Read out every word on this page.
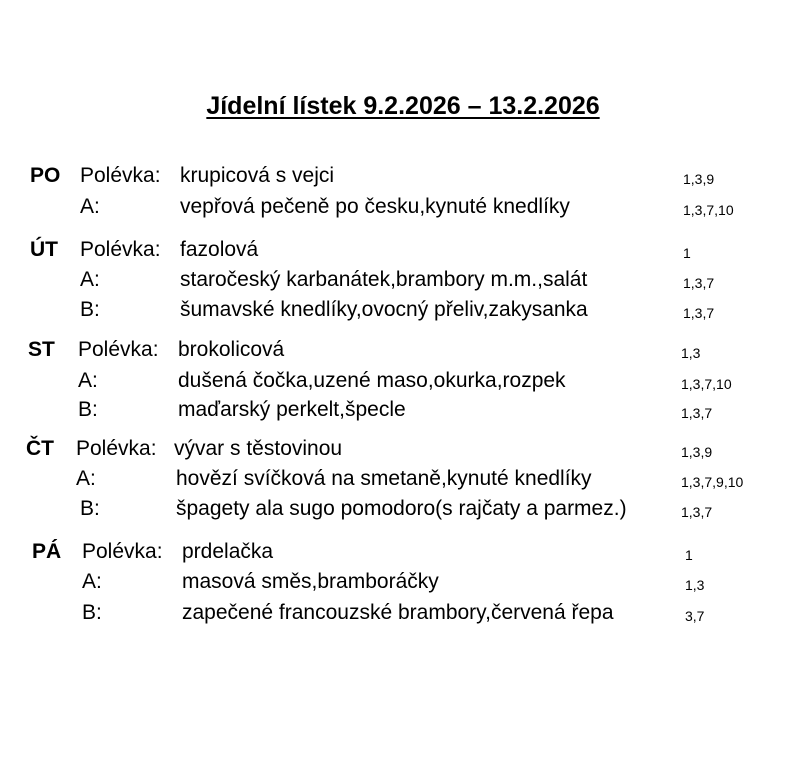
Jídelní lístek 9.2.2026 – 13.2.2026
PO Polévka: krupicová s vejci	1,3,9
A:	vepřová pečeně po česku,kynuté knedlíky	1,3,7,10
ÚT Polévka: fazolová	1
A:	staročeský karbanátek,brambory m.m.,salát	1,3,7
B:	šumavské knedlíky,ovocný přeliv,zakysanka	1,3,7
ST Polévka: brokolicová	1,3
A:	dušená čočka,uzené maso,okurka,rozpek	1,3,7,10
B:	maďarský perkelt,špecle	1,3,7
ČT Polévka: vývar s těstovinou	1,3,9
A:	hovězí svíčková na smetaně,kynuté knedlíky	1,3,7,9,10
B:	špagety ala sugo pomodoro(s rajčaty a parmez.)	1,3,7
PÁ Polévka: prdelačka	1
A:	masová směs,bramboráčky	1,3
B:	zapečené francouzské brambory,červená řepa	3,7
